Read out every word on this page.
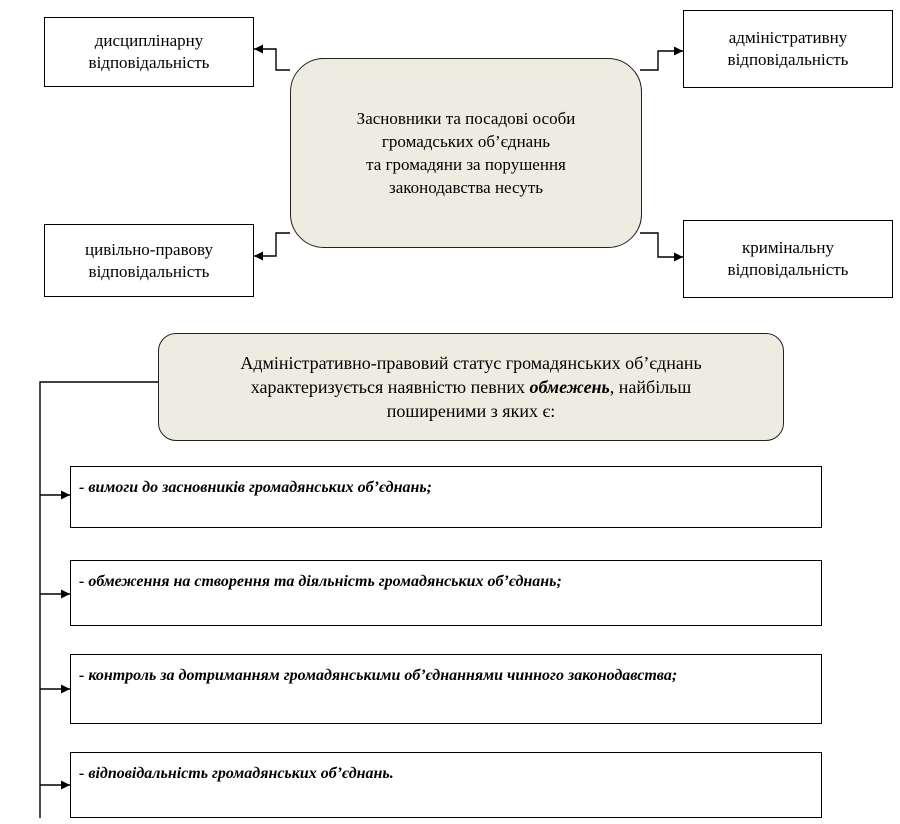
дисциплінарну
відповідальність
адміністративну
відповідальність
Засновники та посадові особи
громадських об’єднань
та громадяни за порушення
законодавства несуть
цивільно-правову
відповідальність
кримінальну
відповідальність
Адміністративно-правовий статус громадянських об’єднань
характеризується наявністю певних обмежень, найбільш
поширеними з яких є:
- вимоги до засновників громадянських об’єднань;
- обмеження на створення та діяльність громадянських об’єднань;
- контроль за дотриманням громадянськими об’єднаннями чинного законодавства;
- відповідальність громадянських об’єднань.
